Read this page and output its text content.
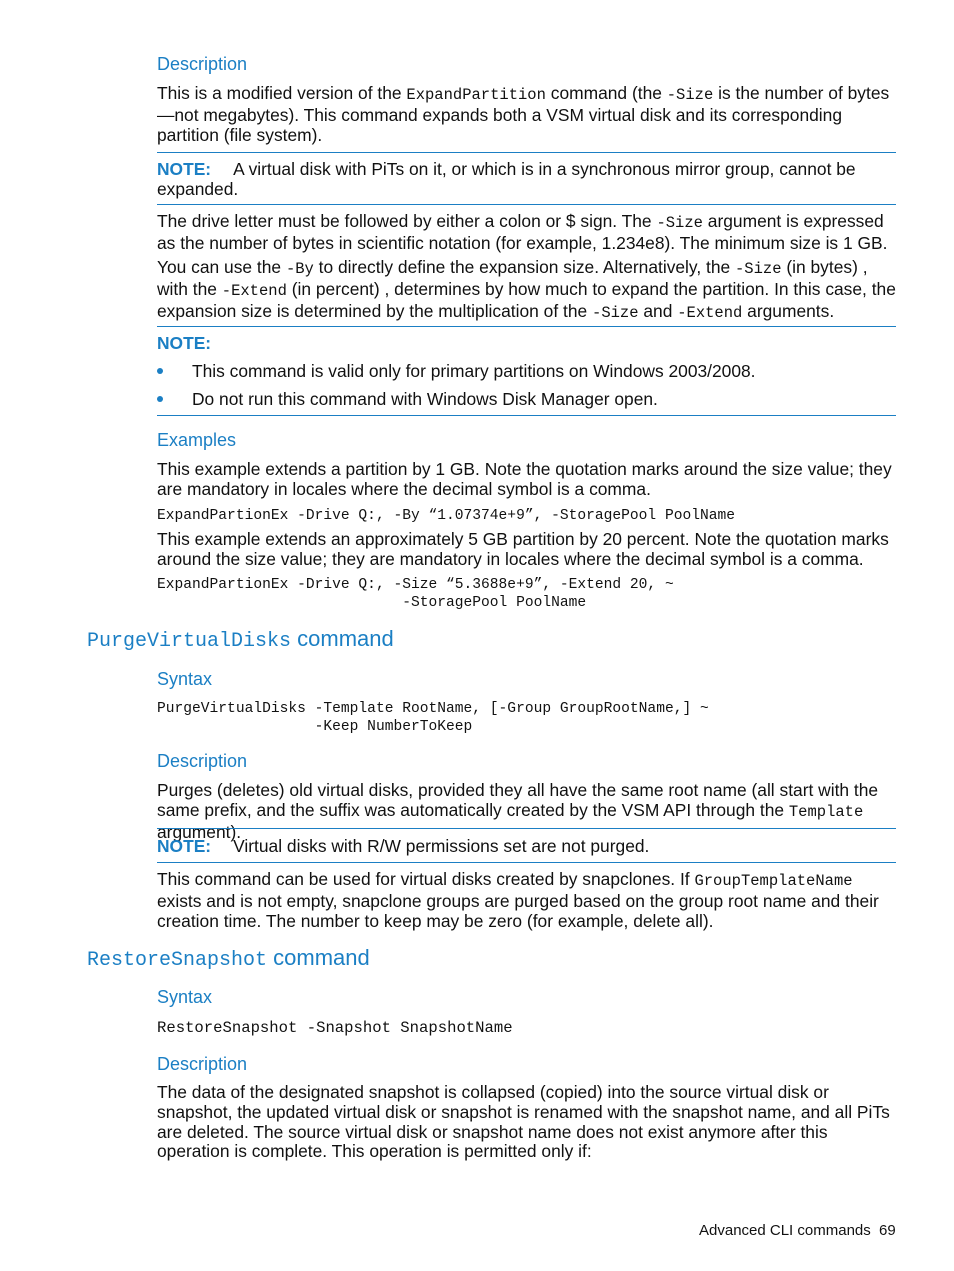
Description
This is a modified version of the ExpandPartition command (the -Size is the number of bytes—not megabytes). This command expands both a VSM virtual disk and its corresponding partition (file system).
NOTE: A virtual disk with PiTs on it, or which is in a synchronous mirror group, cannot be expanded.
The drive letter must be followed by either a colon or $ sign. The -Size argument is expressed as the number of bytes in scientific notation (for example, 1.234e8). The minimum size is 1 GB.
You can use the -By to directly define the expansion size. Alternatively, the -Size (in bytes) , with the -Extend (in percent) , determines by how much to expand the partition. In this case, the expansion size is determined by the multiplication of the -Size and -Extend arguments.
NOTE:
This command is valid only for primary partitions on Windows 2003/2008.
Do not run this command with Windows Disk Manager open.
Examples
This example extends a partition by 1 GB. Note the quotation marks around the size value; they are mandatory in locales where the decimal symbol is a comma.
ExpandPartionEx -Drive Q:, -By “1.07374e+9”, -StoragePool PoolName
This example extends an approximately 5 GB partition by 20 percent. Note the quotation marks around the size value; they are mandatory in locales where the decimal symbol is a comma.
ExpandPartionEx -Drive Q:, -Size “5.3688e+9”, -Extend 20, ~
-StoragePool PoolName
PurgeVirtualDisks command
Syntax
PurgeVirtualDisks -Template RootName, [-Group GroupRootName,] ~
-Keep NumberToKeep
Description
Purges (deletes) old virtual disks, provided they all have the same root name (all start with the same prefix, and the suffix was automatically created by the VSM API through the Template argument).
NOTE: Virtual disks with R/W permissions set are not purged.
This command can be used for virtual disks created by snapclones. If GroupTemplateName exists and is not empty, snapclone groups are purged based on the group root name and their creation time. The number to keep may be zero (for example, delete all).
RestoreSnapshot command
Syntax
RestoreSnapshot -Snapshot SnapshotName
Description
The data of the designated snapshot is collapsed (copied) into the source virtual disk or snapshot, the updated virtual disk or snapshot is renamed with the snapshot name, and all PiTs are deleted. The source virtual disk or snapshot name does not exist anymore after this operation is complete. This operation is permitted only if:
Advanced CLI commands 69
